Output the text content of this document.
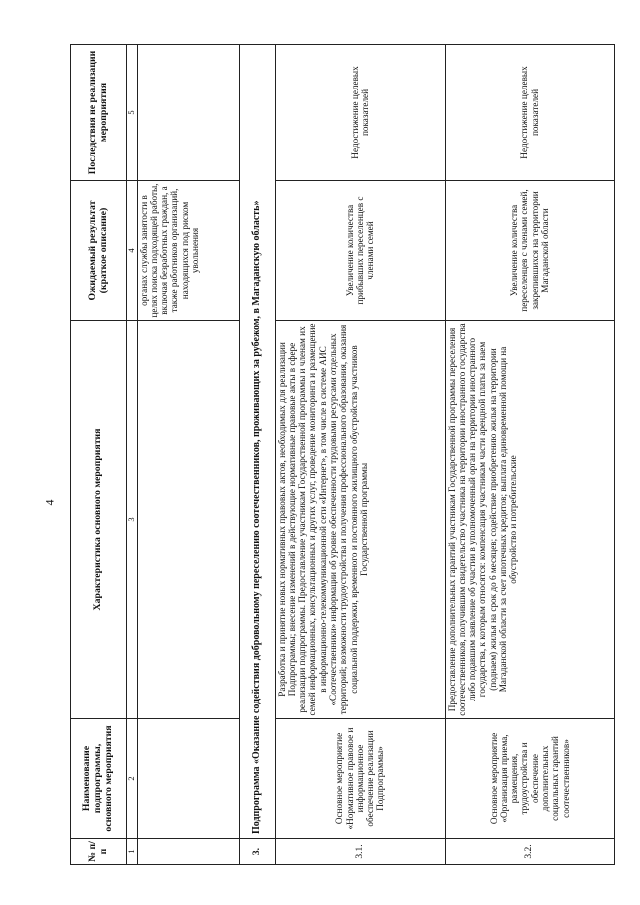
4
№ п/п	Наименование подпрограммы, основного мероприятия	Характеристика основного мероприятия	Ожидаемый результат (краткое описание)	Последствия не реализации мероприятия
1	2	3	4	5
			органах службы занятости в целях поиска подходящей работы, включая безработных граждан, а также работников организаций, находящихся под риском увольнения	
3.	Подпрограмма «Оказание содействия добровольному переселению соотечественников, проживающих за рубежом, в Магаданскую область»			
3.1.	Основное мероприятие «Нормативное правовое и информационное обеспечение реализации Подпрограммы»	Разработка и принятие новых нормативных правовых актов, необходимых для реализации Подпрограммы; внесение изменений в действующие нормативные правовые акты в сфере реализации подпрограммы. Предоставление участникам Государственной программы и членам их семей информационных, консультационных и других услуг, проведение мониторинга и размещение в информационно-телекоммуникационной сети «Интернет», в том числе в системе АИС «Соотечественники» информации об уровне обеспеченности трудовыми ресурсами отдельных территорий; возможности трудоустройства и получения профессионального образования, оказания социальной поддержки, временного и постоянного жилищного обустройства участников Государственной программы	Увеличение количества прибывших переселенцев с членами семей	Недостижение целевых показателей
3.2.	Основное мероприятие «Организация приема, размещения, трудоустройства и обеспечение дополнительных социальных гарантий соотечественников»	Предоставление дополнительных гарантий участникам Государственной программы переселения соотечественников, получившим свидетельство участника на территории иностранного государства либо подавшим заявление об участии в уполномоченный орган на территории иностранного государства, к которым относятся: компенсация участникам части арендной платы за наем (поднаем) жилья на срок до 6 месяцев; содействие приобретению жилья на территории Магаданской области за счет ипотечных кредитов; выплата единовременной помощи на обустройство и потребительские	Увеличение количества переселенцев с членами семей, закрепившихся на территории Магаданской области	Недостижение целевых показателей
